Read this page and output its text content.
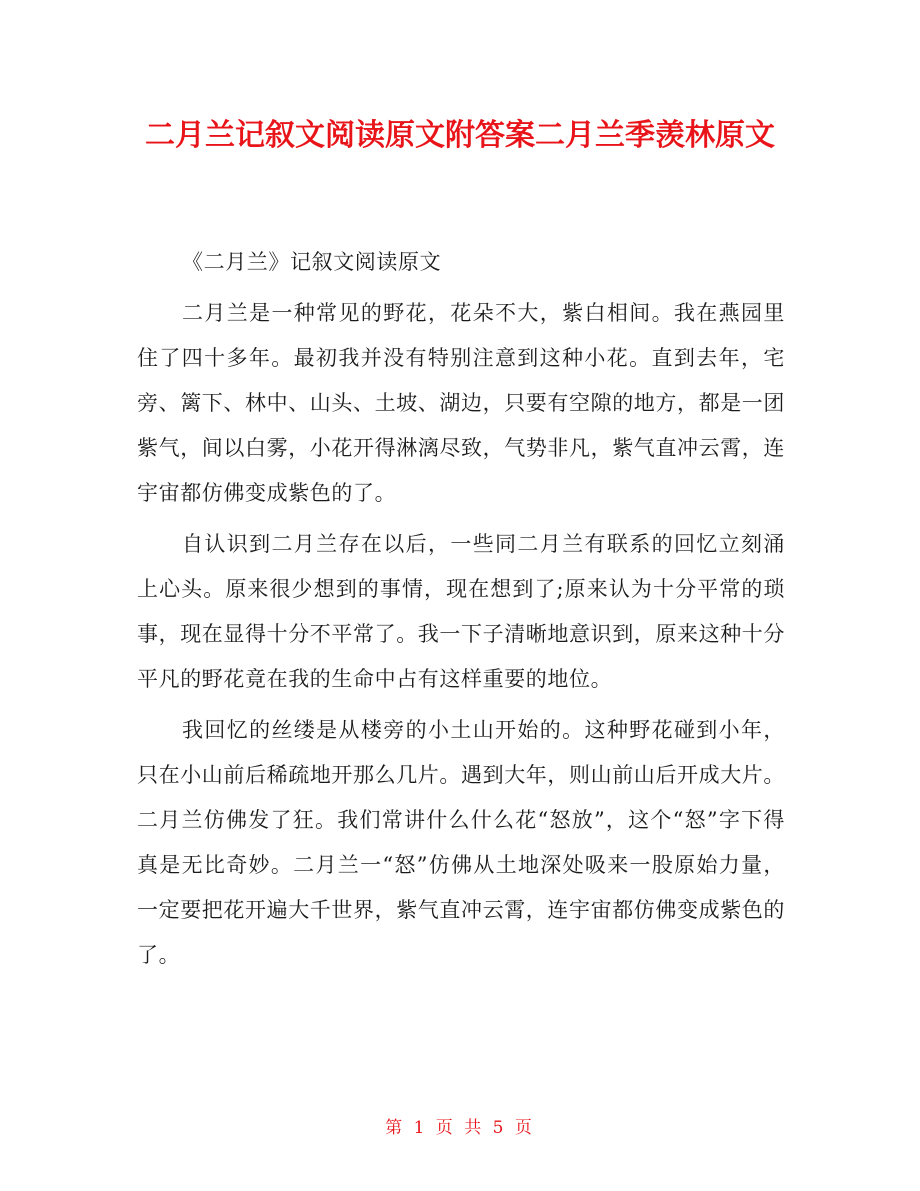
二月兰记叙文阅读原文附答案二月兰季羡林原文

《二月兰》记叙文阅读原文

二月兰是一种常见的野花，花朵不大，紫白相间。我在燕园里住了四十多年。最初我并没有特别注意到这种小花。直到去年，宅旁、篱下、林中、山头、土坡、湖边，只要有空隙的地方，都是一团紫气，间以白雾，小花开得淋漓尽致，气势非凡，紫气直冲云霄，连宇宙都仿佛变成紫色的了。

自认识到二月兰存在以后，一些同二月兰有联系的回忆立刻涌上心头。原来很少想到的事情，现在想到了;原来认为十分平常的琐事，现在显得十分不平常了。我一下子清晰地意识到，原来这种十分平凡的野花竟在我的生命中占有这样重要的地位。

我回忆的丝缕是从楼旁的小土山开始的。这种野花碰到小年，只在小山前后稀疏地开那么几片。遇到大年，则山前山后开成大片。二月兰仿佛发了狂。我们常讲什么什么花“怒放”，这个“怒”字下得真是无比奇妙。二月兰一“怒”仿佛从土地深处吸来一股原始力量，一定要把花开遍大千世界，紫气直冲云霄，连宇宙都仿佛变成紫色的了。

第 1 页 共 5 页
